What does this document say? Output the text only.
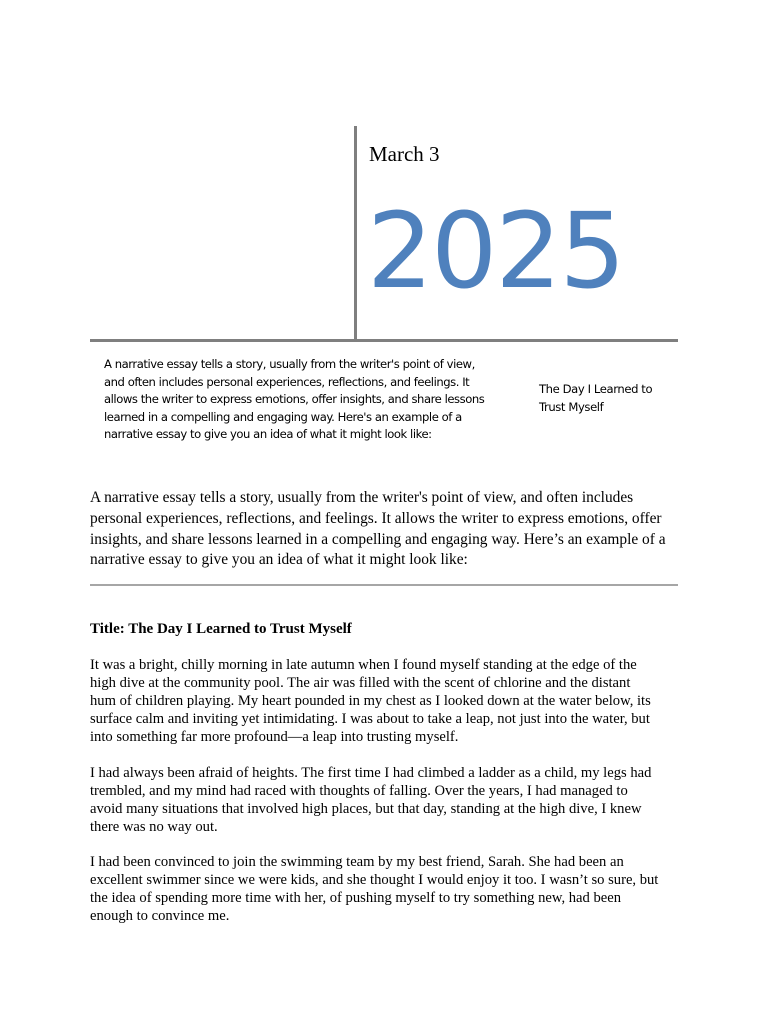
March 3
2025
A narrative essay tells a story, usually from the writer's point of view,
and often includes personal experiences, reflections, and feelings. It
allows the writer to express emotions, offer insights, and share lessons
learned in a compelling and engaging way. Here's an example of a
narrative essay to give you an idea of what it might look like:
The Day I Learned to
Trust Myself
A narrative essay tells a story, usually from the writer's point of view, and often includes
personal experiences, reflections, and feelings. It allows the writer to express emotions, offer
insights, and share lessons learned in a compelling and engaging way. Here’s an example of a
narrative essay to give you an idea of what it might look like:
Title: The Day I Learned to Trust Myself
It was a bright, chilly morning in late autumn when I found myself standing at the edge of the
high dive at the community pool. The air was filled with the scent of chlorine and the distant
hum of children playing. My heart pounded in my chest as I looked down at the water below, its
surface calm and inviting yet intimidating. I was about to take a leap, not just into the water, but
into something far more profound—a leap into trusting myself.
I had always been afraid of heights. The first time I had climbed a ladder as a child, my legs had
trembled, and my mind had raced with thoughts of falling. Over the years, I had managed to
avoid many situations that involved high places, but that day, standing at the high dive, I knew
there was no way out.
I had been convinced to join the swimming team by my best friend, Sarah. She had been an
excellent swimmer since we were kids, and she thought I would enjoy it too. I wasn’t so sure, but
the idea of spending more time with her, of pushing myself to try something new, had been
enough to convince me.
